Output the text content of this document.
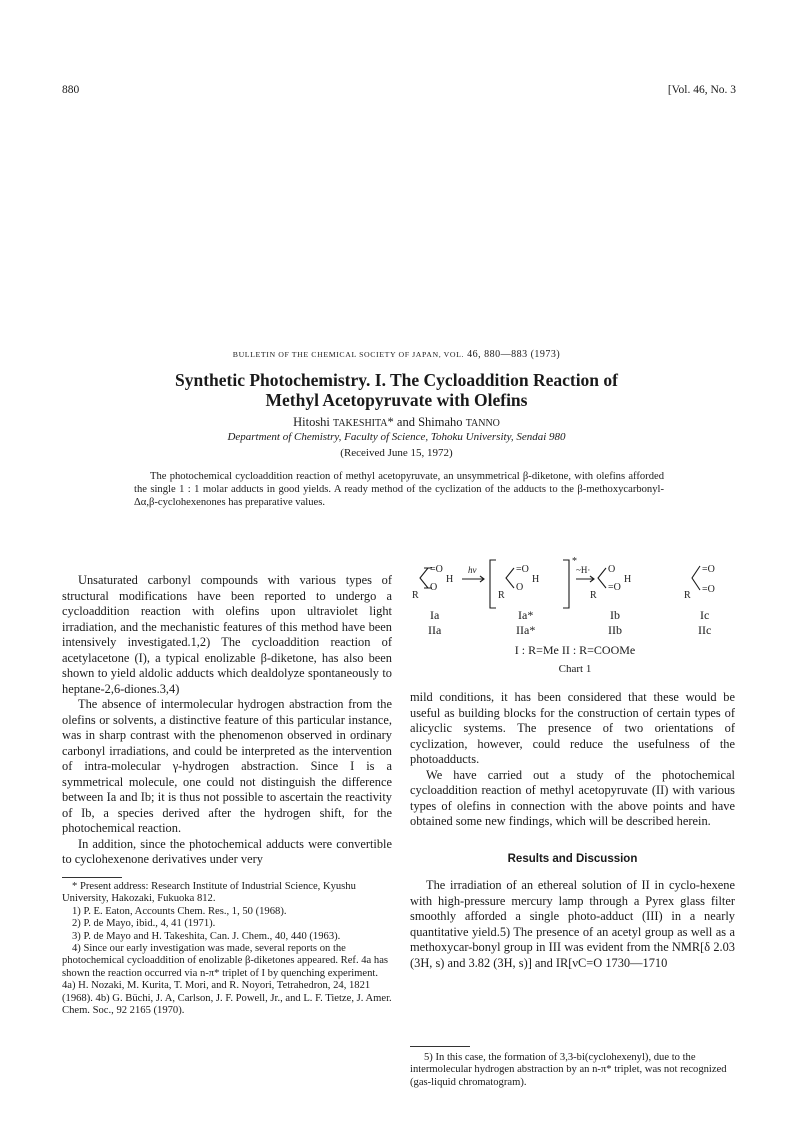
880	[Vol. 46, No. 3
BULLETIN OF THE CHEMICAL SOCIETY OF JAPAN, VOL. 46, 880—883 (1973)
Synthetic Photochemistry. I. The Cycloaddition Reaction of
Methyl Acetopyruvate with Olefins
Hitoshi TAKESHITA* and Shimaho TANNO
Department of Chemistry, Faculty of Science, Tohoku University, Sendai 980
(Received June 15, 1972)
The photochemical cycloaddition reaction of methyl acetopyruvate, an unsymmetrical β-diketone, with olefins afforded the single 1 : 1 molar adducts in good yields. A ready method of the cyclization of the adducts to the β-methoxycarbonyl-Δα,β-cyclohexenones has preparative values.

Unsaturated carbonyl compounds with various types of structural modifications have been reported to undergo a cycloaddition reaction with olefins upon ultraviolet light irradiation, and the mechanistic features of this method have been intensively investigated.1,2) The cycloaddition reaction of acetylacetone (I), a typical enolizable β-diketone, has also been shown to yield aldolic adducts which dealdolyze spontaneously to heptane-2,6-diones.3,4)

The absence of intermolecular hydrogen abstraction from the olefins or solvents, a distinctive feature of this particular instance, was in sharp contrast with the phenomenon observed in ordinary carbonyl irradiations, and could be interpreted as the intervention of intra-molecular γ-hydrogen abstraction. Since I is a symmetrical molecule, one could not distinguish the difference between Ia and Ib; it is thus not possible to ascertain the reactivity of Ib, a species derived after the hydrogen shift, for the photochemical reaction.

In addition, since the photochemical adducts were convertible to cyclohexenone derivatives under very

* Present address: Research Institute of Industrial Science, Kyushu University, Hakozaki, Fukuoka 812.

1) P. E. Eaton, Accounts Chem. Res., 1, 50 (1968).

2) P. de Mayo, ibid., 4, 41 (1971).

3) P. de Mayo and H. Takeshita, Can. J. Chem., 40, 440 (1963).

4) Since our early investigation was made, several reports on the photochemical cycloaddition of enolizable β-diketones appeared. Ref. 4a has shown the reaction occurred via n-π* triplet of I by quenching experiment. 4a) H. Nozaki, M. Kurita, T. Mori, and R. Noyori, Tetrahedron, 24, 1821 (1968). 4b) G. Büchi, J. A, Carlson, J. F. Powell, Jr., and L. F. Tietze, J. Amer. Chem. Soc., 92 2165 (1970).

=O
H
O
R
=O
H
O
R
O
H
=O
R
=O
=O
R
hν	~H·
*
Ia	Ia*	Ib	Ic
IIa	IIa*	IIb	IIc
I : R=Me II : R=COOMe
Chart 1

mild conditions, it has been considered that these would be useful as building blocks for the construction of certain types of alicyclic systems. The presence of two orientations of cyclization, however, could reduce the usefulness of the photoadducts.

We have carried out a study of the photochemical cycloaddition reaction of methyl acetopyruvate (II) with various types of olefins in connection with the above points and have obtained some new findings, which will be described herein.

Results and Discussion

The irradiation of an ethereal solution of II in cyclo-hexene with high-pressure mercury lamp through a Pyrex glass filter smoothly afforded a single photo-adduct (III) in a nearly quantitative yield.5) The presence of an acetyl group as well as a methoxycar-bonyl group in III was evident from the NMR[δ 2.03 (3H, s) and 3.82 (3H, s)] and IR[νC=O 1730—1710

5) In this case, the formation of 3,3-bi(cyclohexenyl), due to the intermolecular hydrogen abstraction by an n-π* triplet, was not recognized (gas-liquid chromatogram).
